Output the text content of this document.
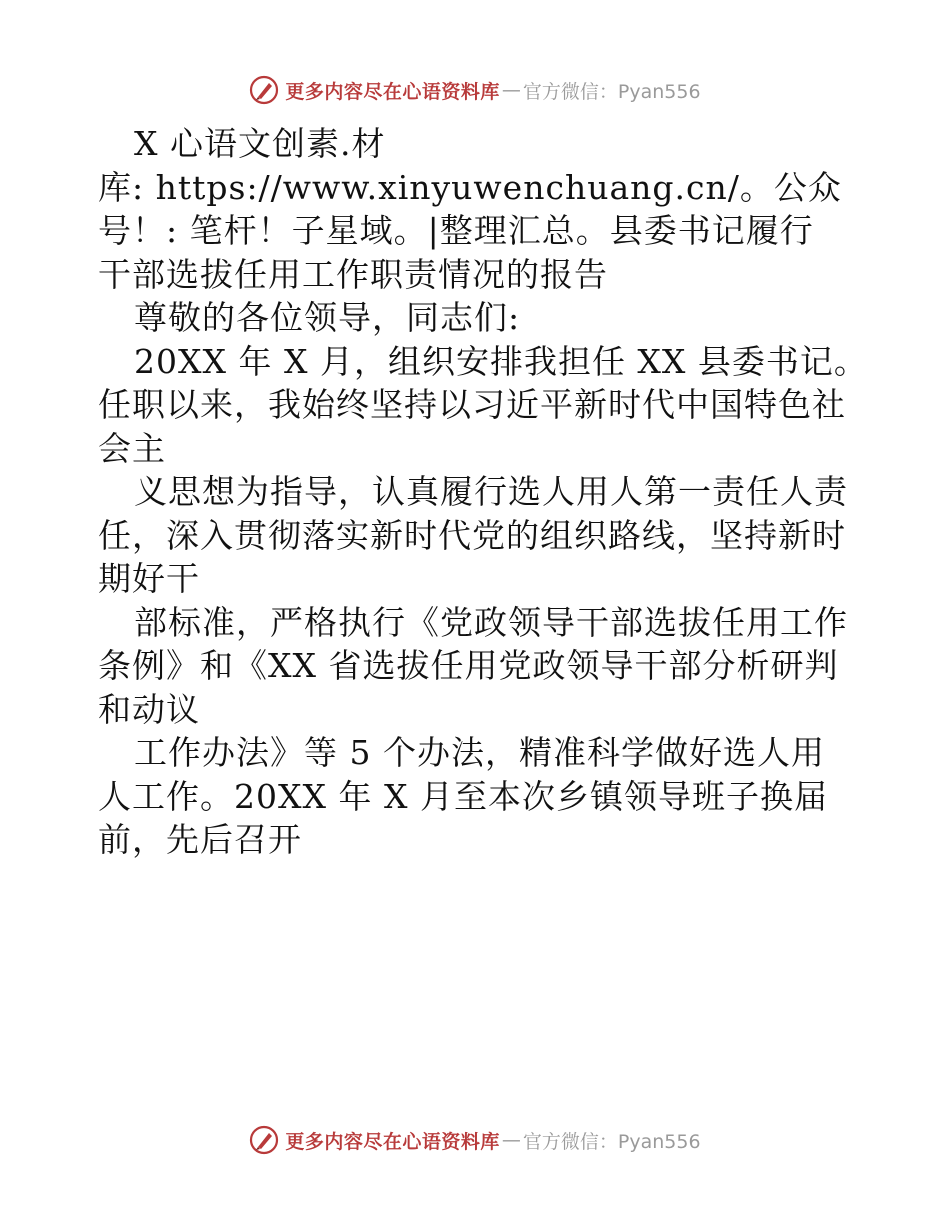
更多内容尽在心语资料库 — 官方微信：Pyan556
X 心语文创素.材
库: https://www.xinyuwenchuang.cn/。公众
号！: 笔杆！子星域。|整理汇总。县委书记履行
干部选拔任用工作职责情况的报告
尊敬的各位领导，同志们:
20XX 年 X 月，组织安排我担任 XX 县委书记。
任职以来，我始终坚持以习近平新时代中国特色社
会主
义思想为指导，认真履行选人用人第一责任人责
任，深入贯彻落实新时代党的组织路线，坚持新时
期好干
部标准，严格执行《党政领导干部选拔任用工作
条例》和《XX 省选拔任用党政领导干部分析研判
和动议
工作办法》等 5 个办法，精准科学做好选人用
人工作。20XX 年 X 月至本次乡镇领导班子换届
前，先后召开
更多内容尽在心语资料库 — 官方微信：Pyan556
